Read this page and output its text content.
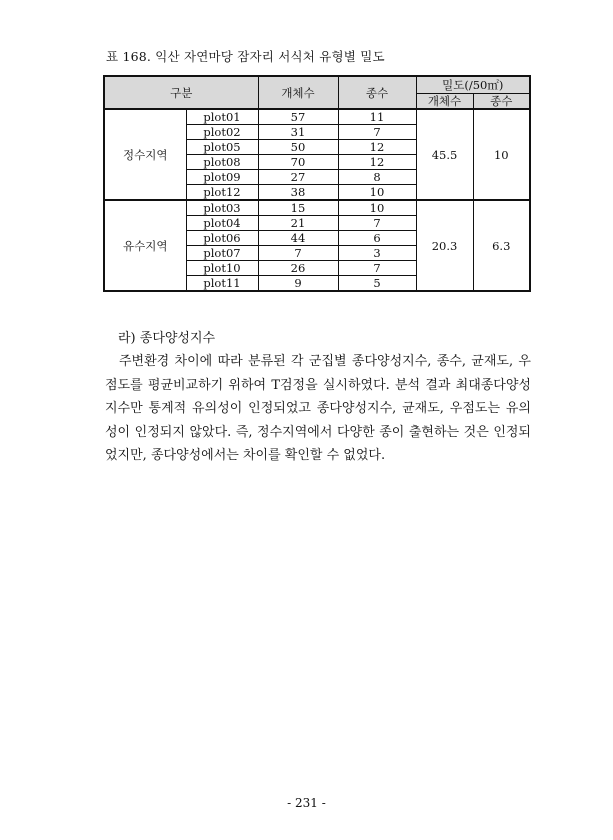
표 168. 익산 자연마당 잠자리 서식처 유형별 밀도
구분		개체수	종수	밀도(/50㎡)	
				개체수	종수
정수지역	plot01	57	11	45.5	10
	plot02	31	7		
	plot05	50	12		
	plot08	70	12		
	plot09	27	8		
	plot12	38	10		
유수지역	plot03	15	10	20.3	6.3
	plot04	21	7		
	plot06	44	6		
	plot07	7	3		
	plot10	26	7		
	plot11	9	5		
라) 종다양성지수

주변환경 차이에 따라 분류된 각 군집별 종다양성지수, 종수, 균재도, 우점도를 평균비교하기 위하여 T검정을 실시하였다. 분석 결과 최대종다양성지수만 통계적 유의성이 인정되었고 종다양성지수, 균재도, 우점도는 유의성이 인정되지 않았다. 즉, 정수지역에서 다양한 종이 출현하는 것은 인정되었지만, 종다양성에서는 차이를 확인할 수 없었다.

- 231 -
